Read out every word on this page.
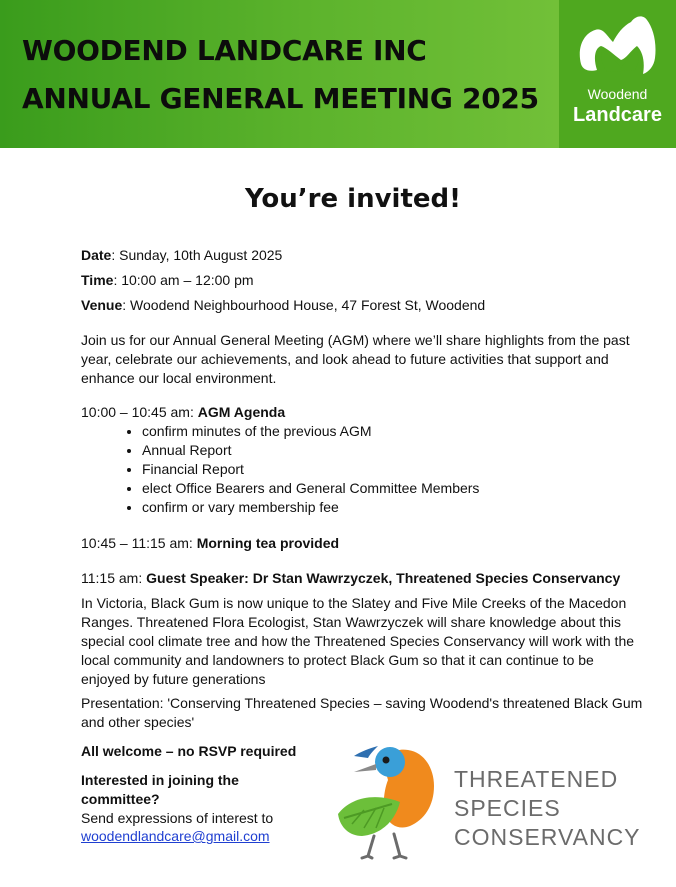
WOODEND LANDCARE INC
ANNUAL GENERAL MEETING 2025	Woodend
Landcare
You’re invited!
Date: Sunday, 10th August 2025
Time: 10:00 am – 12:00 pm
Venue: Woodend Neighbourhood House, 47 Forest St, Woodend
Join us for our Annual General Meeting (AGM) where we’ll share highlights from the past
year, celebrate our achievements, and look ahead to future activities that support and
enhance our local environment.
10:00 – 10:45 am: AGM Agenda
• confirm minutes of the previous AGM
• Annual Report
• Financial Report
• elect Office Bearers and General Committee Members
• confirm or vary membership fee
10:45 – 11:15 am: Morning tea provided
11:15 am: Guest Speaker: Dr Stan Wawrzyczek, Threatened Species Conservancy
In Victoria, Black Gum is now unique to the Slatey and Five Mile Creeks of the Macedon
Ranges. Threatened Flora Ecologist, Stan Wawrzyczek will share knowledge about this
special cool climate tree and how the Threatened Species Conservancy will work with the
local community and landowners to protect Black Gum so that it can continue to be
enjoyed by future generations
Presentation: 'Conserving Threatened Species – saving Woodend's threatened Black Gum
and other species'
All welcome – no RSVP required
Interested in joining the
committee?
Send expressions of interest to
woodendlandcare@gmail.com
THREATENED
SPECIES
CONSERVANCY
